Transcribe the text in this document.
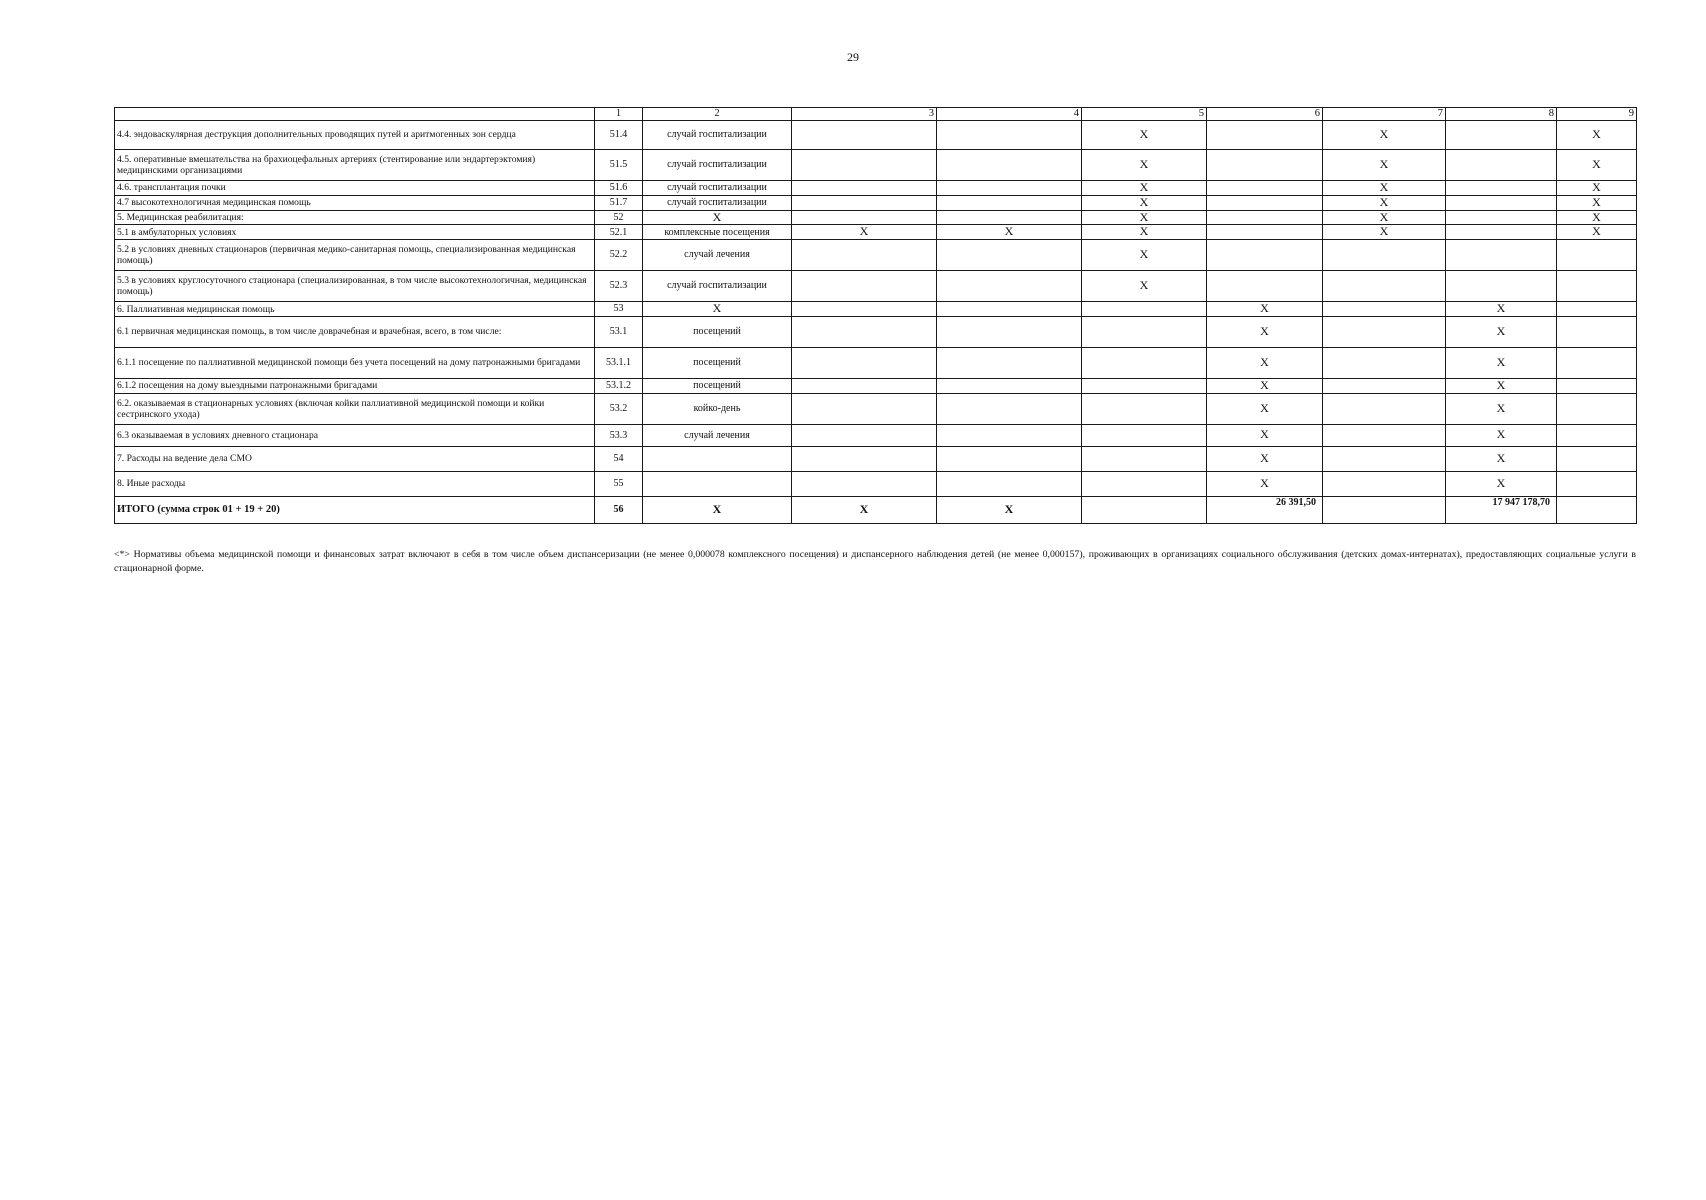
29
	1	2	3	4	5	6	7	8	9
4.4. эндоваскулярная деструкция дополнительных проводящих путей и аритмогенных зон сердца	51.4	случай госпитализации			X		X		X
4.5. оперативные вмешательства на брахиоцефальных артериях (стентирование или эндартерэктомия) медицинскими организациями	51.5	случай госпитализации			X		X		X
4.6. трансплантация почки	51.6	случай госпитализации			X		X		X
4.7 высокотехнологичная медицинская помощь	51.7	случай госпитализации			X		X		X
5. Медицинская реабилитация:	52	X			X		X		X
5.1 в амбулаторных условиях	52.1	комплексные посещения	X	X	X		X		X
5.2 в условиях дневных стационаров (первичная медико-санитарная помощь, специализированная медицинская помощь)	52.2	случай лечения			X				
5.3 в условиях круглосуточного стационара (специализированная, в том числе высокотехнологичная, медицинская помощь)	52.3	случай госпитализации			X				
6. Паллиативная медицинская помощь	53	X				X		X	
6.1 первичная медицинская помощь, в том числе доврачебная и врачебная, всего, в том числе:	53.1	посещений				X		X	
6.1.1 посещение по паллиативной медицинской помощи без учета посещений на дому патронажными бригадами	53.1.1	посещений				X		X	
6.1.2 посещения на дому выездными патронажными бригадами	53.1.2	посещений				X		X	
6.2. оказываемая в стационарных условиях (включая койки паллиативной медицинской помощи и койки сестринского ухода)	53.2	койко-день				X		X	
6.3 оказываемая в условиях дневного стационара	53.3	случай лечения				X		X	
7. Расходы на ведение дела СМО	54					X		X	
8. Иные расходы	55					X		X	
ИТОГО (сумма строк 01 + 19 + 20)	56	X	X	X		26 391,50		17 947 178,70	
<*> Нормативы объема медицинской помощи и финансовых затрат включают в себя в том числе объем диспансеризации (не менее 0,000078 комплексного посещения) и диспансерного наблюдения детей (не менее 0,000157), проживающих в организациях социального обслуживания (детских домах-интернатах), предоставляющих социальные услуги в стационарной форме.
